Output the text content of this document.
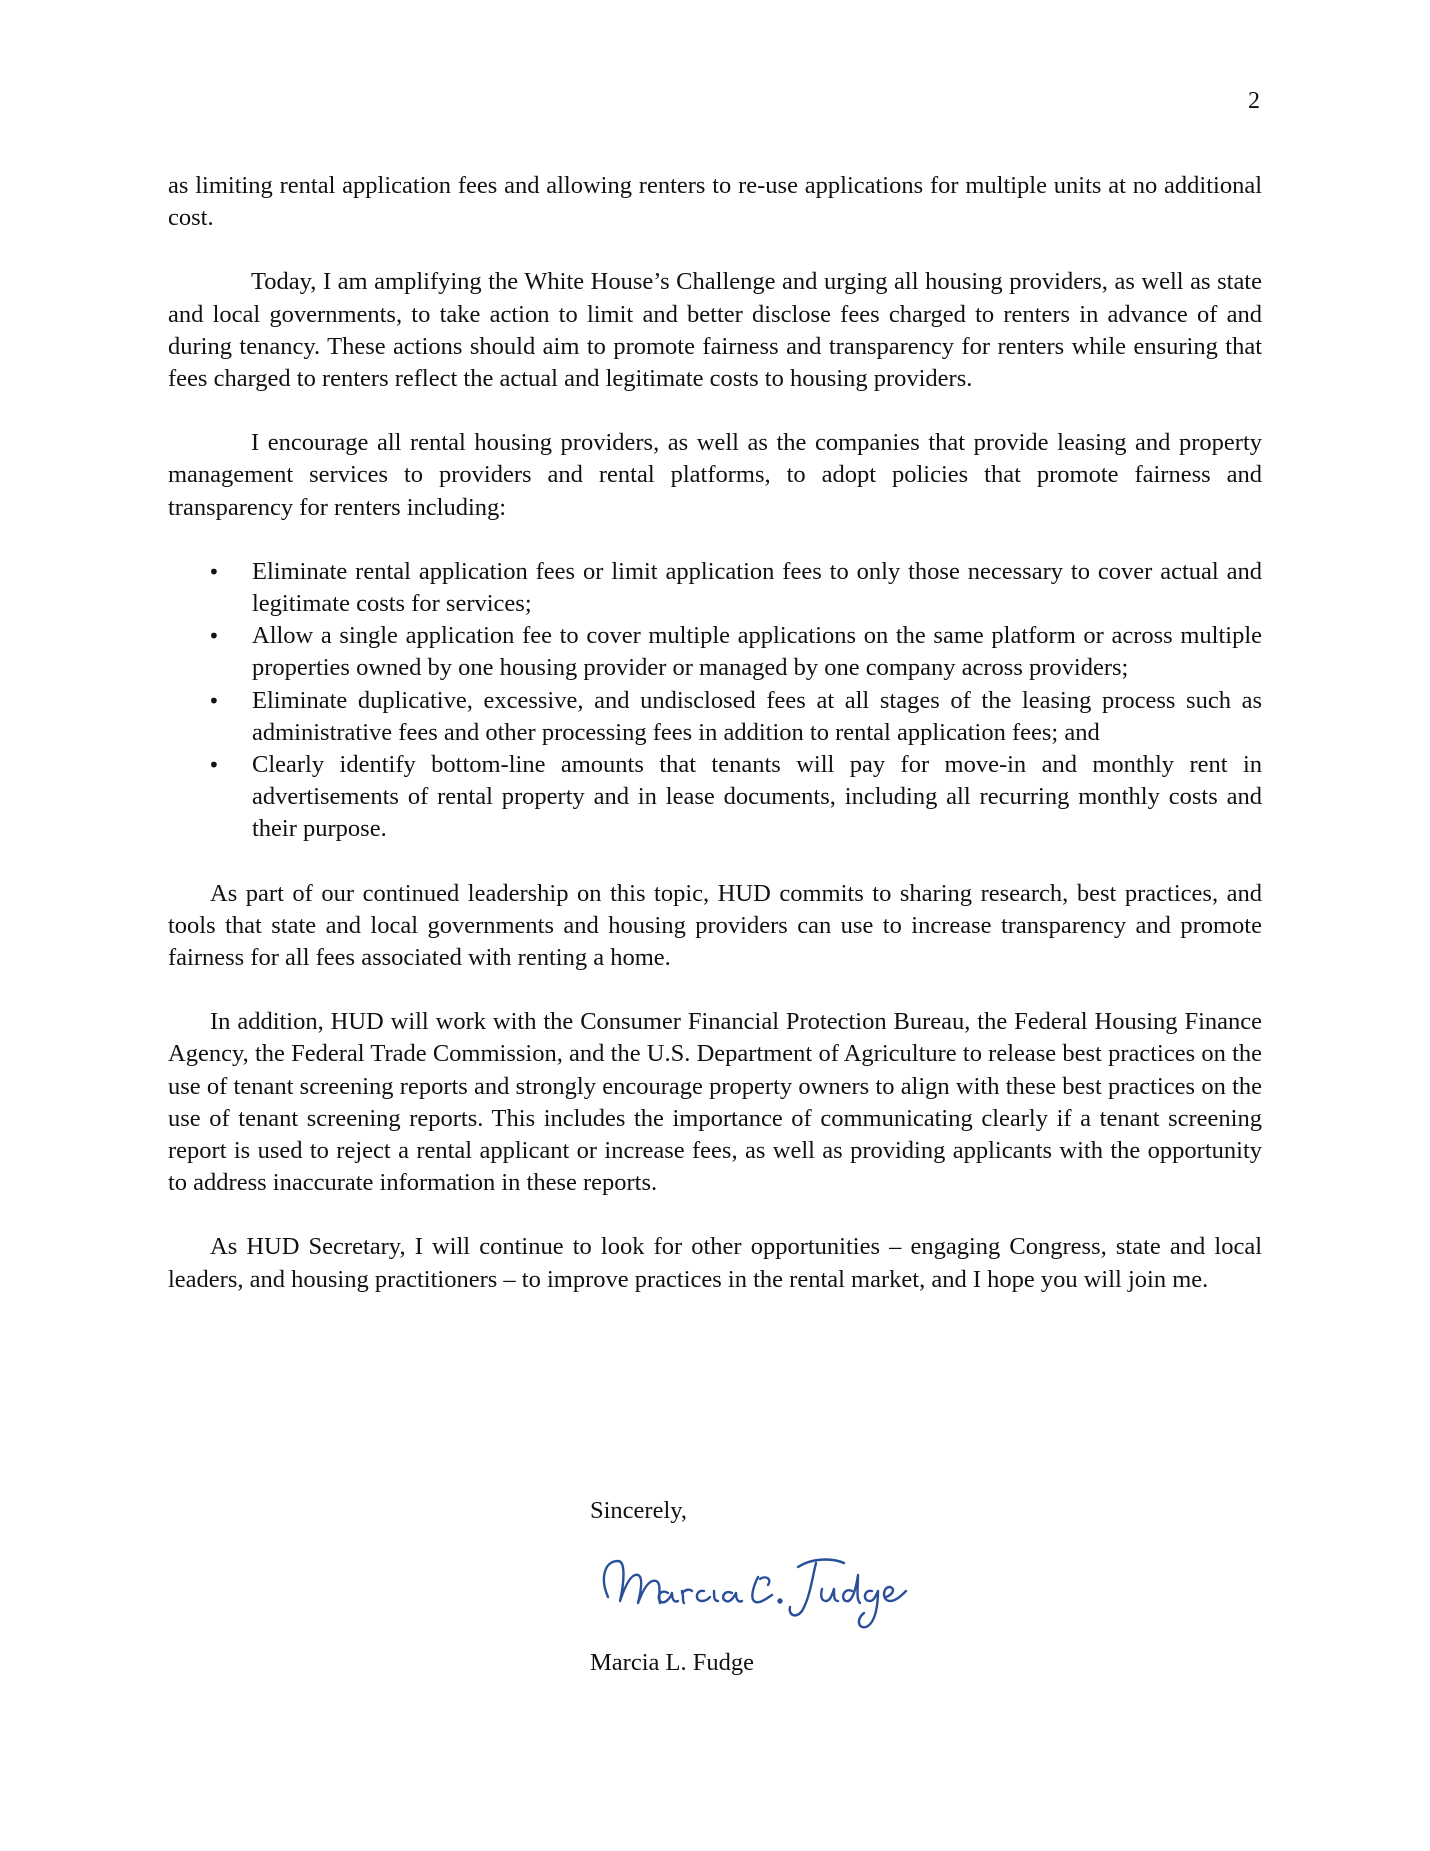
2

as limiting rental application fees and allowing renters to re-use applications for multiple units at no additional cost.

Today, I am amplifying the White House’s Challenge and urging all housing providers, as well as state and local governments, to take action to limit and better disclose fees charged to renters in advance of and during tenancy. These actions should aim to promote fairness and transparency for renters while ensuring that fees charged to renters reflect the actual and legitimate costs to housing providers.

I encourage all rental housing providers, as well as the companies that provide leasing and property management services to providers and rental platforms, to adopt policies that promote fairness and transparency for renters including:

• Eliminate rental application fees or limit application fees to only those necessary to cover actual and legitimate costs for services;
• Allow a single application fee to cover multiple applications on the same platform or across multiple properties owned by one housing provider or managed by one company across providers;
• Eliminate duplicative, excessive, and undisclosed fees at all stages of the leasing process such as administrative fees and other processing fees in addition to rental application fees; and
• Clearly identify bottom-line amounts that tenants will pay for move-in and monthly rent in advertisements of rental property and in lease documents, including all recurring monthly costs and their purpose.

As part of our continued leadership on this topic, HUD commits to sharing research, best practices, and tools that state and local governments and housing providers can use to increase transparency and promote fairness for all fees associated with renting a home.

In addition, HUD will work with the Consumer Financial Protection Bureau, the Federal Housing Finance Agency, the Federal Trade Commission, and the U.S. Department of Agriculture to release best practices on the use of tenant screening reports and strongly encourage property owners to align with these best practices on the use of tenant screening reports. This includes the importance of communicating clearly if a tenant screening report is used to reject a rental applicant or increase fees, as well as providing applicants with the opportunity to address inaccurate information in these reports.

As HUD Secretary, I will continue to look for other opportunities – engaging Congress, state and local leaders, and housing practitioners – to improve practices in the rental market, and I hope you will join me.

Sincerely,

Marcia L. Fudge
